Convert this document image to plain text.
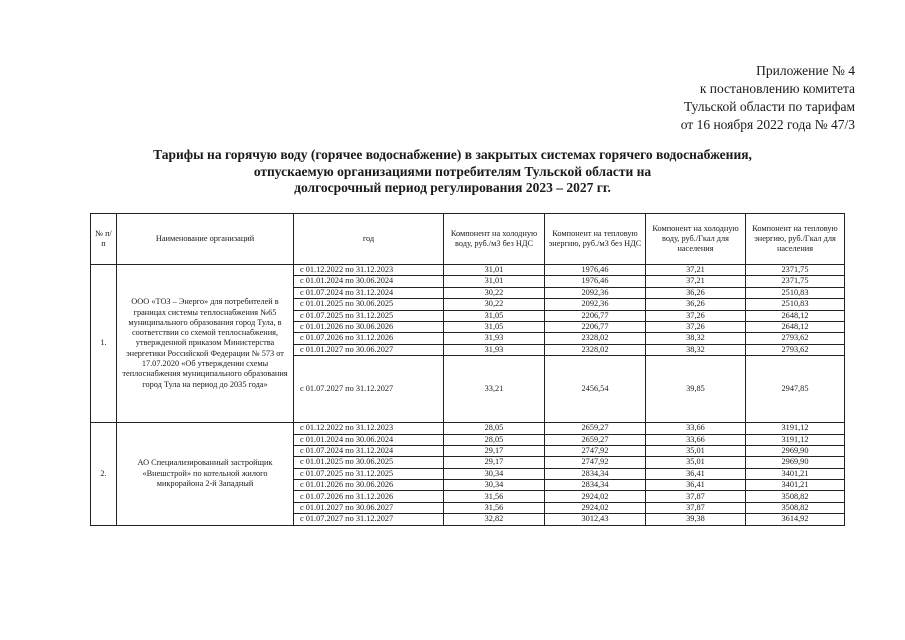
Приложение № 4
к постановлению комитета
Тульской области по тарифам
от 16 ноября 2022 года № 47/3
Тарифы на горячую воду (горячее водоснабжение) в закрытых системах горячего водоснабжения,
отпускаемую организациями потребителям Тульской области на
долгосрочный период регулирования 2023 – 2027 гг.
№ п/п	Наименование организаций	год	Компонент на холодную воду, руб./м3 без НДС	Компонент на тепловую энергию, руб./м3 без НДС	Компонент на холодную воду, руб./Гкал для населения	Компонент на тепловую энергию, руб./Гкал для населения
1.	ООО «ТОЗ – Энерго» для потребителей в границах системы теплоснабжения №65 муниципального образования город Тула, в соответствии со схемой теплоснабжения, утвержденной приказом Министерства энергетики Российской Федерации № 573 от 17.07.2020 «Об утверждении схемы теплоснабжения муниципального образования город Тула на период до 2035 года»	с 01.12.2022 по 31.12.2023	31,01	1976,46	37,21	2371,75
		с 01.01.2024 по 30.06.2024	31,01	1976,46	37,21	2371,75
		с 01.07.2024 по 31.12.2024	30,22	2092,36	36,26	2510,83
		с 01.01.2025 по 30.06.2025	30,22	2092,36	36,26	2510,83
		с 01.07.2025 по 31.12.2025	31,05	2206,77	37,26	2648,12
		с 01.01.2026 по 30.06.2026	31,05	2206,77	37,26	2648,12
		с 01.07.2026 по 31.12.2026	31,93	2328,02	38,32	2793,62
		с 01.01.2027 по 30.06.2027	31,93	2328,02	38,32	2793,62
		с 01.07.2027 по 31.12.2027	33,21	2456,54	39,85	2947,85
2.	АО Специализированный застройщик «Внешстрой» по котельной жилого микрорайона 2-й Западный	с 01.12.2022 по 31.12.2023	28,05	2659,27	33,66	3191,12
		с 01.01.2024 по 30.06.2024	28,05	2659,27	33,66	3191,12
		с 01.07.2024 по 31.12.2024	29,17	2747,92	35,01	2969,90
		с 01.01.2025 по 30.06.2025	29,17	2747,92	35,01	2969,90
		с 01.07.2025 по 31.12.2025	30,34	2834,34	36,41	3401,21
		с 01.01.2026 по 30.06.2026	30,34	2834,34	36,41	3401,21
		с 01.07.2026 по 31.12.2026	31,56	2924,02	37,87	3508,82
		с 01.01.2027 по 30.06.2027	31,56	2924,02	37,87	3508,82
		с 01.07.2027 по 31.12.2027	32,82	3012,43	39,38	3614,92
